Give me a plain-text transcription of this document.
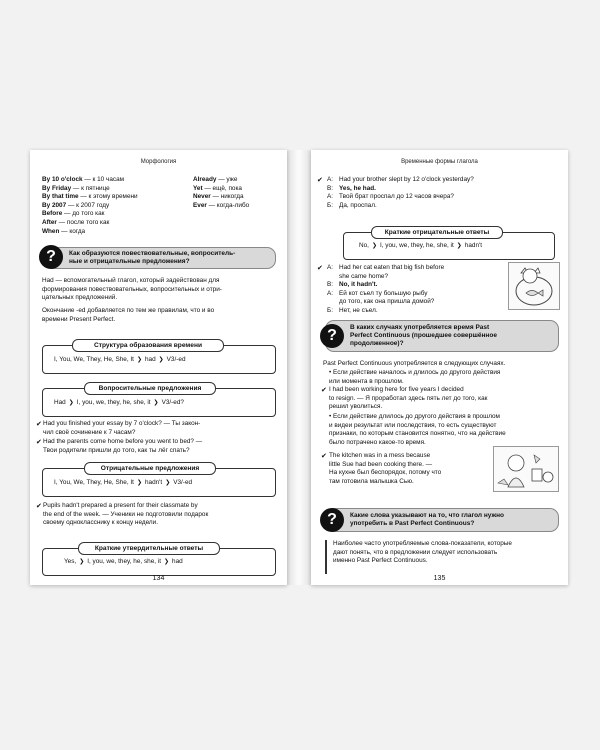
Морфология
By 10 o'clock — к 10 часам
By Friday — к пятнице
By that time — к этому времени
By 2007 — к 2007 году
Before — до того как
After — после того как
When — когда
Already — уже
Yet — ещё, пока
Never — никогда
Ever — когда-либо
?	Как образуются повествовательные, вопроситель-
ные и отрицательные предложения?
Had — вспомогательный глагол, который задействован для
формирования повествовательных, вопросительных и отри-
цательных предложений.
Окончание -ed добавляется по тем же правилам, что и во
времени Present Perfect.
Структура образования времени
I, You, We, They, He, She, It ❯ had ❯ V3/-ed
Вопросительные предложения
Had ❯ I, you, we, they, he, she, it ❯ V3/-ed?
✔ Had you finished your essay by 7 o'clock? — Ты закон-
чил своё сочинение к 7 часам?
✔ Had the parents come home before you went to bed? —
Твои родители пришли до того, как ты лёг спать?
Отрицательные предложения
I, You, We, They, He, She, It ❯ hadn't ❯ V3/-ed
✔ Pupils hadn't prepared a present for their classmate by
the end of the week. — Ученики не подготовили подарок
своему однокласснику к концу недели.
Краткие утвердительные ответы
Yes, ❯ I, you, we, they, he, she, it ❯ had
134
Временные формы глагола
✔ А: Had your brother slept by 12 o'clock yesterday?
В: Yes, he had.
А: Твой брат проспал до 12 часов вчера?
Б: Да, проспал.
Краткие отрицательные ответы
No, ❯ I, you, we, they, he, she, it ❯ hadn't
✔ А: Had her cat eaten that big fish before
she came home?
В: No, it hadn't.
А: Ей кот съел ту большую рыбу
до того, как она пришла домой?
Б: Нет, не съел.
?	В каких случаях употребляется время Past
Perfect Continuous (прошедшее совершённое
продолженное)?
Past Perfect Continuous употребляется в следующих случаях.
• Если действие началось и длилось до другого действия
или момента в прошлом.
✔ I had been working here for five years I decided
to resign. — Я проработал здесь пять лет до того, как
решил уволиться.
• Если действие длилось до другого действия в прошлом
и видеи результат или последствия, то есть существуют
признаки, по которым становится понятно, что на действие
было потрачено какое-то время.
✔ The kitchen was in a mess because
little Sue had been cooking there. —
На кухне был беспорядок, потому что
там готовила малышка Сью.
?	Какие слова указывают на то, что глагол нужно
употребить в Past Perfect Continuous?
Наиболее часто употребляемые слова-показатели, которые
дают понять, что в предложении следует использовать
именно Past Perfect Continuous.
135
